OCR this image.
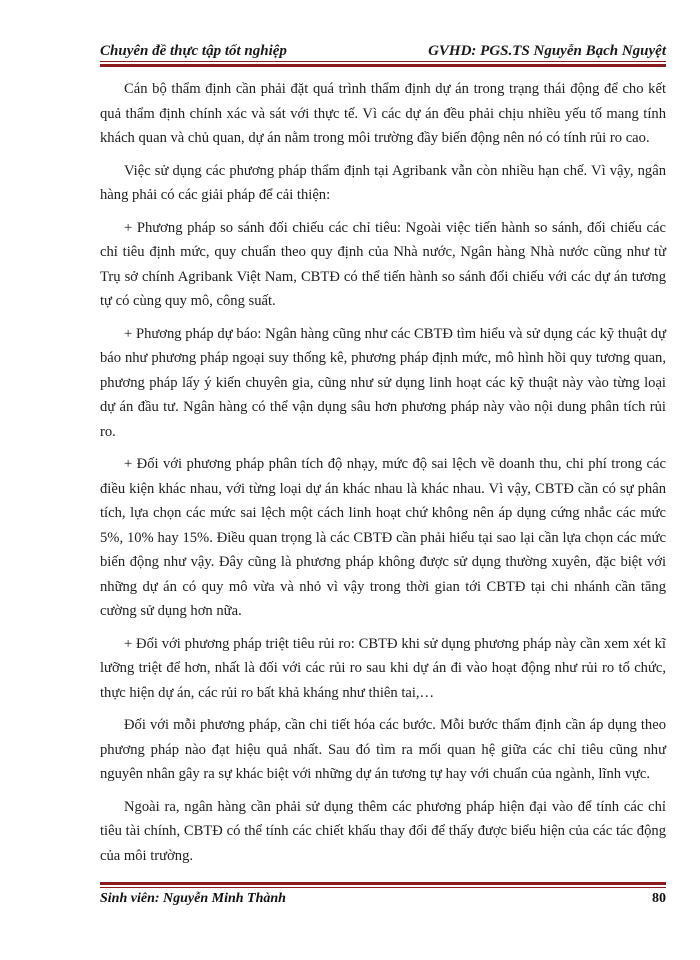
Chuyên đề thực tập tốt nghiệp	GVHD: PGS.TS Nguyễn Bạch Nguyệt

Cán bộ thẩm định cần phải đặt quá trình thẩm định dự án trong trạng thái động để cho kết quả thẩm định chính xác và sát với thực tế. Vì các dự án đều phải chịu nhiều yếu tố mang tính khách quan và chủ quan, dự án nằm trong môi trường đầy biến động nên nó có tính rủi ro cao.

Việc sử dụng các phương pháp thẩm định tại Agribank vẫn còn nhiều hạn chế. Vì vậy, ngân hàng phải có các giải pháp để cải thiện:

+ Phương pháp so sánh đối chiếu các chỉ tiêu: Ngoài việc tiến hành so sánh, đối chiếu các chỉ tiêu định mức, quy chuẩn theo quy định của Nhà nước, Ngân hàng Nhà nước cũng như từ Trụ sở chính Agribank Việt Nam, CBTĐ có thể tiến hành so sánh đối chiếu với các dự án tương tự có cùng quy mô, công suất.

+ Phương pháp dự báo: Ngân hàng cũng như các CBTĐ tìm hiểu và sử dụng các kỹ thuật dự báo như phương pháp ngoại suy thống kê, phương pháp định mức, mô hình hồi quy tương quan, phương pháp lấy ý kiến chuyên gia, cũng như sử dụng linh hoạt các kỹ thuật này vào từng loại dự án đầu tư. Ngân hàng có thể vận dụng sâu hơn phương pháp này vào nội dung phân tích rủi ro.

+ Đối với phương pháp phân tích độ nhạy, mức độ sai lệch về doanh thu, chi phí trong các điều kiện khác nhau, với từng loại dự án khác nhau là khác nhau. Vì vậy, CBTĐ cần có sự phân tích, lựa chọn các mức sai lệch một cách linh hoạt chứ không nên áp dụng cứng nhắc các mức 5%, 10% hay 15%. Điều quan trọng là các CBTĐ cần phải hiểu tại sao lại cần lựa chọn các mức biến động như vậy. Đây cũng là phương pháp không được sử dụng thường xuyên, đặc biệt với những dự án có quy mô vừa và nhỏ vì vậy trong thời gian tới CBTĐ tại chi nhánh cần tăng cường sử dụng hơn nữa.

+ Đối với phương pháp triệt tiêu rủi ro: CBTĐ khi sử dụng phương pháp này cần xem xét kĩ lưỡng triệt để hơn, nhất là đối với các rủi ro sau khi dự án đi vào hoạt động như rủi ro tổ chức, thực hiện dự án, các rủi ro bất khả kháng như thiên tai,…

Đối với mỗi phương pháp, cần chi tiết hóa các bước. Mỗi bước thẩm định cần áp dụng theo phương pháp nào đạt hiệu quả nhất. Sau đó tìm ra mối quan hệ giữa các chỉ tiêu cũng như nguyên nhân gây ra sự khác biệt với những dự án tương tự hay với chuẩn của ngành, lĩnh vực.

Ngoài ra, ngân hàng cần phải sử dụng thêm các phương pháp hiện đại vào để tính các chỉ tiêu tài chính, CBTĐ có thể tính các chiết khấu thay đổi để thấy được biểu hiện của các tác động của môi trường.

Sinh viên: Nguyễn Minh Thành	80
